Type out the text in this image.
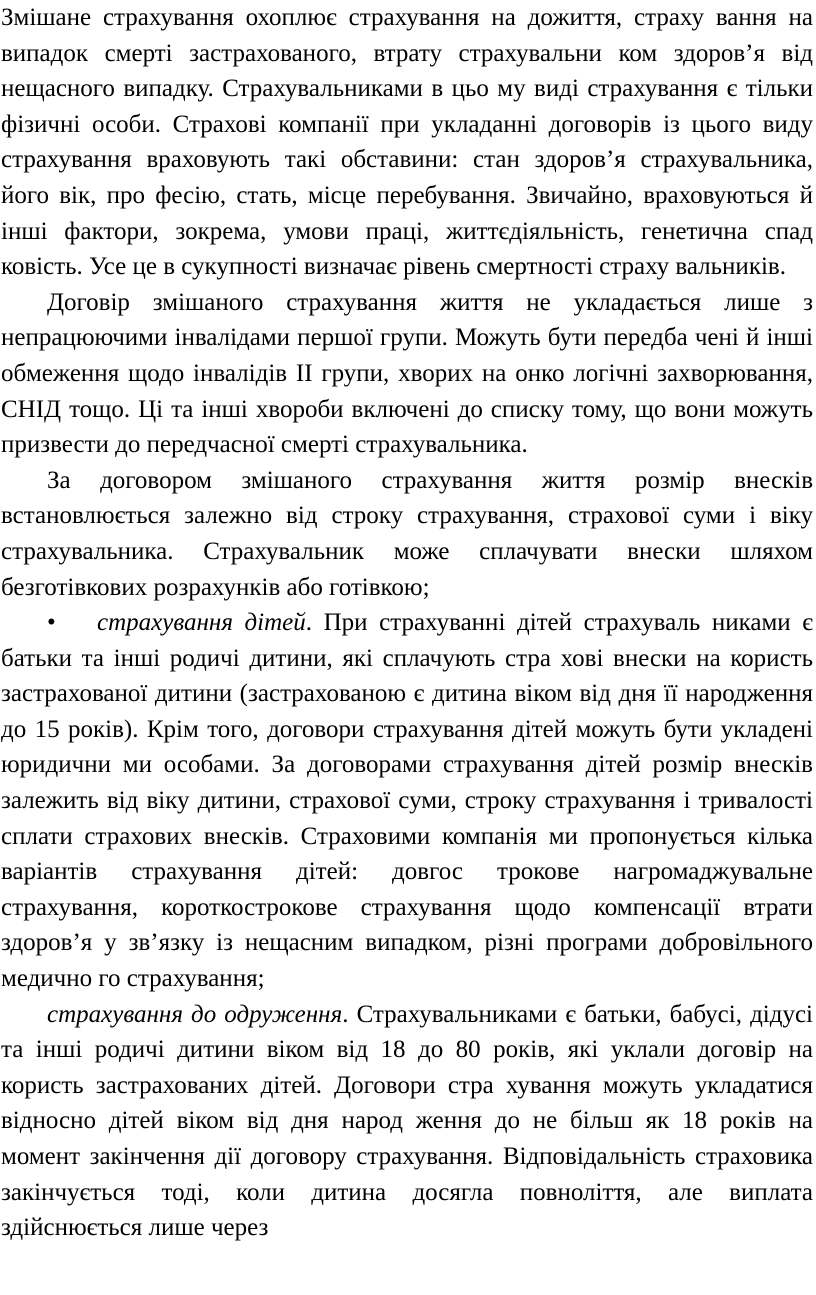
Змішане страхування охоплює страхування на дожиття, страху вання на випадок смерті застрахованого, втрату страхувальни ком здоров’я від нещасного випадку. Страхувальниками в цьо му виді страхування є тільки фізичні особи. Страхові компанії при укладанні договорів із цього виду страхування враховують такі обставини: стан здоров’я страхувальника, його вік, про фесію, стать, місце перебування. Звичайно, враховуються й інші фактори, зокрема, умови праці, життєдіяльність, генетична спад ковість. Усе це в сукупності визначає рівень смертності страху вальників.

Договір змішаного страхування життя не укладається лише з непрацюючими інвалідами першої групи. Можуть бути передба чені й інші обмеження щодо інвалідів II групи, хворих на онко логічні захворювання, СНІД тощо. Ці та інші хвороби включені до списку тому, що вони можуть призвести до передчасної смерті страхувальника.

За договором змішаного страхування життя розмір внесків встановлюється залежно від строку страхування, страхової суми і віку страхувальника. Страхувальник може сплачувати внески шляхом безготівкових розрахунків або готівкою;

• страхування дітей. При страхуванні дітей страхуваль никами є батьки та інші родичі дитини, які сплачують стра хові внески на користь застрахованої дитини (застрахованою є дитина віком від дня її народження до 15 років). Крім того, договори страхування дітей можуть бути укладені юридични ми особами. За договорами страхування дітей розмір внесків залежить від віку дитини, страхової суми, строку страхування і тривалості сплати страхових внесків. Страховими компанія ми пропонується кілька варіантів страхування дітей: довгос трокове нагромаджувальне страхування, короткострокове страхування щодо компенсації втрати здоров’я у зв’язку із нещасним випадком, різні програми добровільного медично го страхування;

страхування до одруження. Страхувальниками є батьки, бабусі, дідусі та інші родичі дитини віком від 18 до 80 років, які уклали договір на користь застрахованих дітей. Договори стра хування можуть укладатися відносно дітей віком від дня народ ження до не більш як 18 років на момент закінчення дії договору страхування. Відповідальність страховика закінчується тоді, коли дитина досягла повноліття, але виплата здійснюється лише через
